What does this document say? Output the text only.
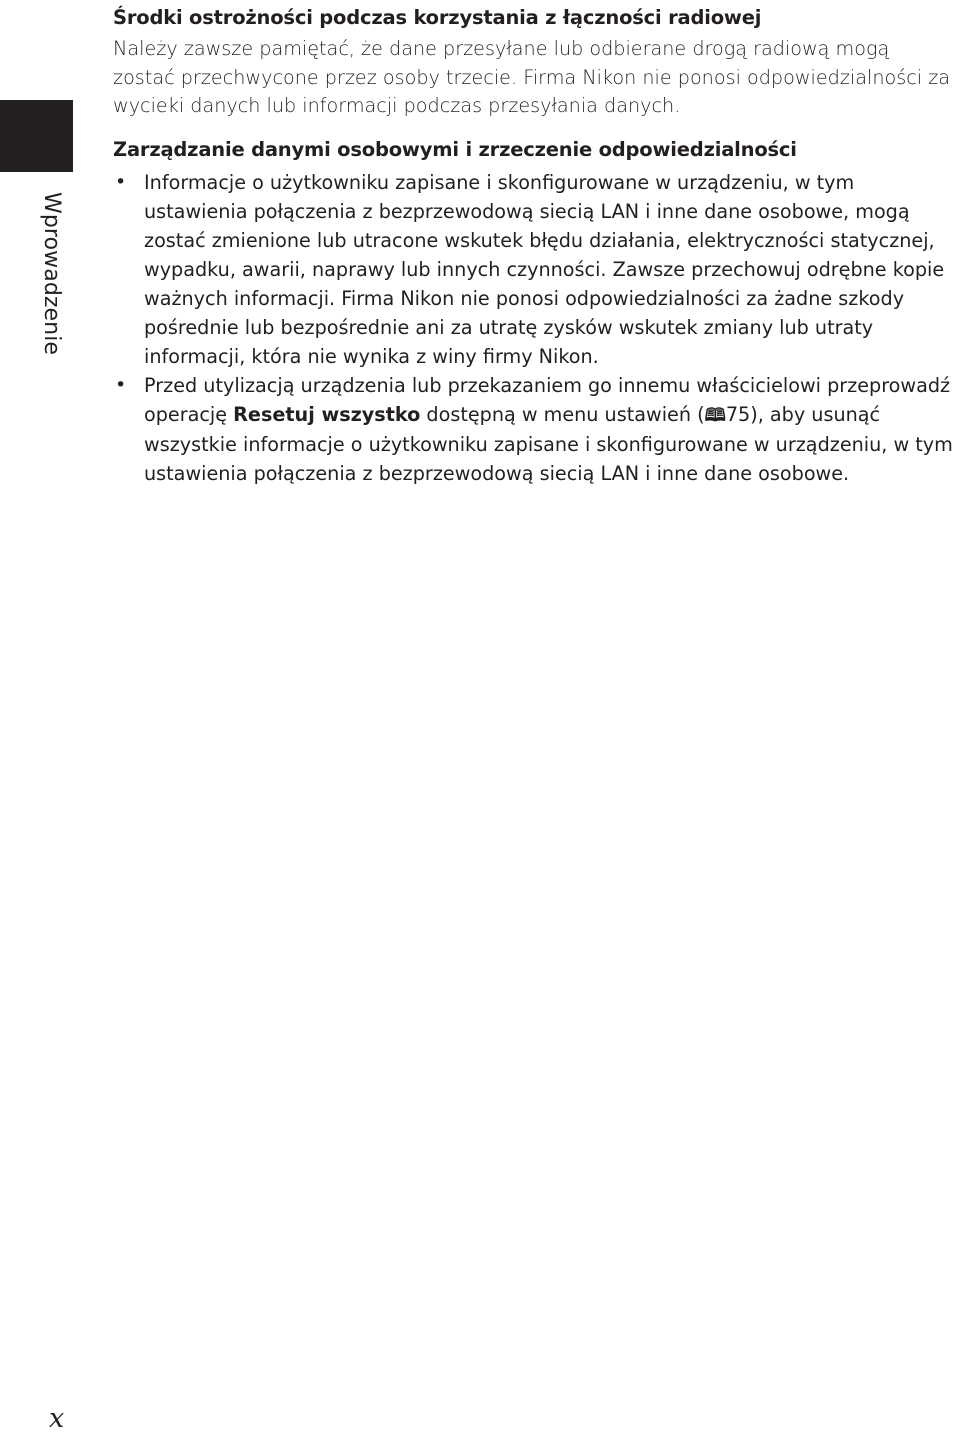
Wprowadzenie
Środki ostrożności podczas korzystania z łączności radiowej

Należy zawsze pamiętać, że dane przesyłane lub odbierane drogą radiową mogą zostać przechwycone przez osoby trzecie. Firma Nikon nie ponosi odpowiedzialności za wycieki danych lub informacji podczas przesyłania danych.

Zarządzanie danymi osobowymi i zrzeczenie odpowiedzialności
• Informacje o użytkowniku zapisane i skonfigurowane w urządzeniu, w tym ustawienia połączenia z bezprzewodową siecią LAN i inne dane osobowe, mogą zostać zmienione lub utracone wskutek błędu działania, elektryczności statycznej, wypadku, awarii, naprawy lub innych czynności. Zawsze przechowuj odrębne kopie ważnych informacji. Firma Nikon nie ponosi odpowiedzialności za żadne szkody pośrednie lub bezpośrednie ani za utratę zysków wskutek zmiany lub utraty informacji, która nie wynika z winy firmy Nikon.
• Przed utylizacją urządzenia lub przekazaniem go innemu właścicielowi przeprowadź operację Resetuj wszystko dostępną w menu ustawień (🕮75), aby usunąć wszystkie informacje o użytkowniku zapisane i skonfigurowane w urządzeniu, w tym ustawienia połączenia z bezprzewodową siecią LAN i inne dane osobowe.
x
